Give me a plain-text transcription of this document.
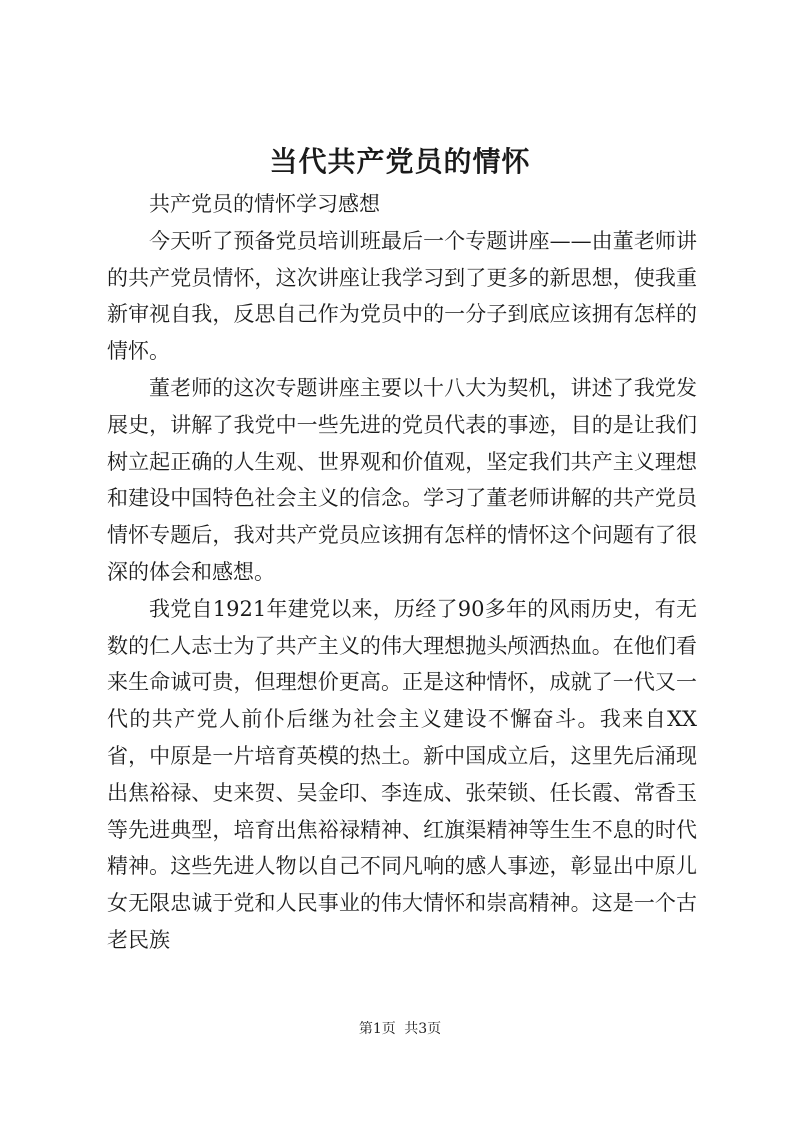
当代共产党员的情怀

共产党员的情怀学习感想

今天听了预备党员培训班最后一个专题讲座——由董老师讲的共产党员情怀，这次讲座让我学习到了更多的新思想，使我重新审视自我，反思自己作为党员中的一分子到底应该拥有怎样的情怀。

董老师的这次专题讲座主要以十八大为契机，讲述了我党发展史，讲解了我党中一些先进的党员代表的事迹，目的是让我们树立起正确的人生观、世界观和价值观，坚定我们共产主义理想和建设中国特色社会主义的信念。学习了董老师讲解的共产党员情怀专题后，我对共产党员应该拥有怎样的情怀这个问题有了很深的体会和感想。

我党自1921年建党以来，历经了90多年的风雨历史，有无数的仁人志士为了共产主义的伟大理想抛头颅洒热血。在他们看来生命诚可贵，但理想价更高。正是这种情怀，成就了一代又一代的共产党人前仆后继为社会主义建设不懈奋斗。我来自XX省，中原是一片培育英模的热土。新中国成立后，这里先后涌现出焦裕禄、史来贺、吴金印、李连成、张荣锁、任长霞、常香玉等先进典型，培育出焦裕禄精神、红旗渠精神等生生不息的时代精神。这些先进人物以自己不同凡响的感人事迹，彰显出中原儿女无限忠诚于党和人民事业的伟大情怀和崇高精神。这是一个古老民族

第1页 共3页
